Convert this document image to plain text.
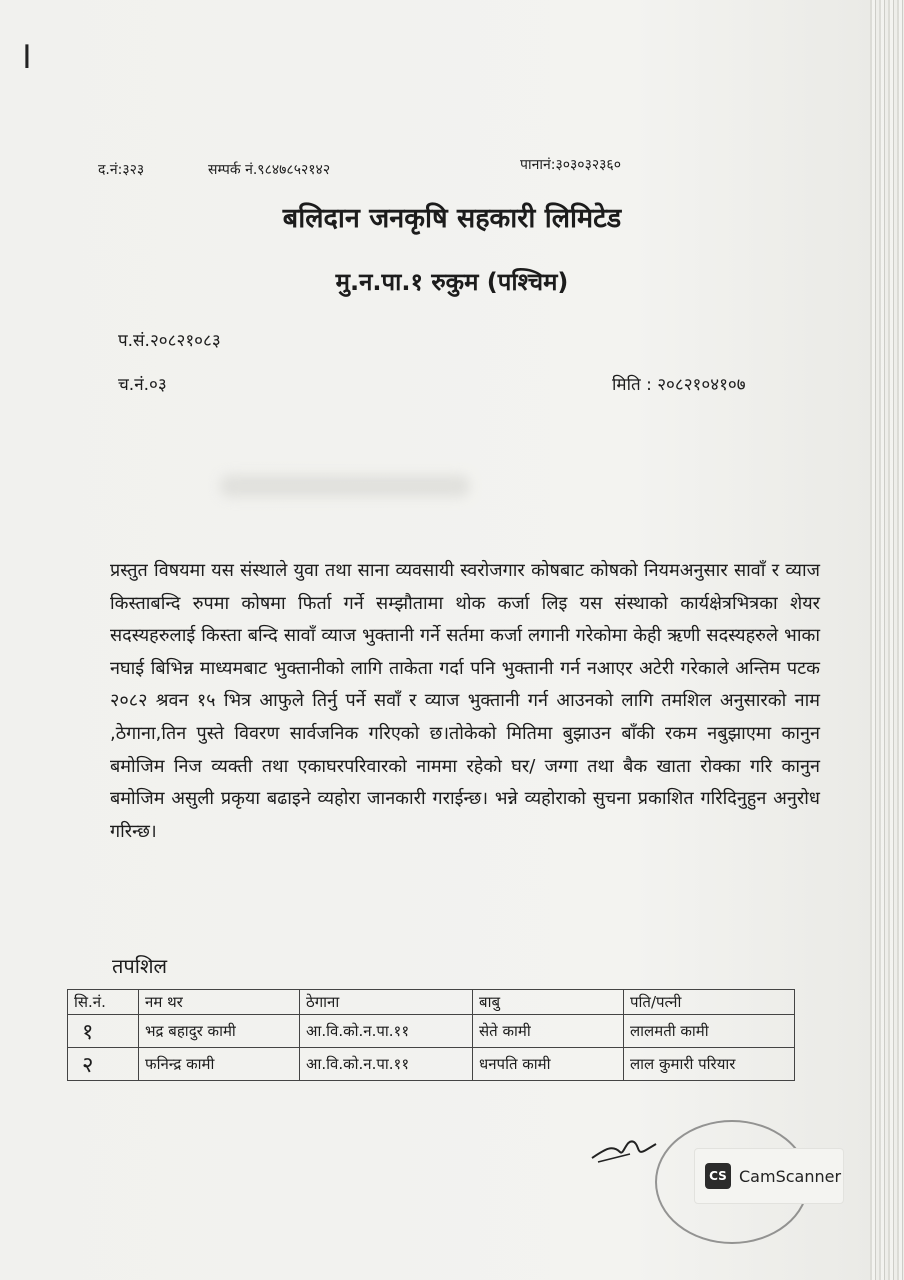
।
द.नं:३२३	सम्पर्क नं.९८४७८५२१४२	पानानं:३०३०३२३६०
बलिदान जनकृषि सहकारी लिमिटेड
मु.न.पा.१ रुकुम (पश्चिम)
प.सं.२०८२१०८३
च.नं.०३	मिति : २०८२१०४१०७

प्रस्तुत विषयमा यस संस्थाले युवा तथा साना व्यवसायी स्वरोजगार कोषबाट कोषको नियमअनुसार सावाँ र व्याज किस्ताबन्दि रुपमा कोषमा फिर्ता गर्ने सम्झौतामा थोक कर्जा लिइ यस संस्थाको कार्यक्षेत्रभित्रका शेयर सदस्यहरुलाई किस्ता बन्दि सावाँ व्याज भुक्तानी गर्ने सर्तमा कर्जा लगानी गरेकोमा केही ऋणी सदस्यहरुले भाका नघाई बिभिन्न माध्यमबाट भुक्तानीको लागि ताकेता गर्दा पनि भुक्तानी गर्न नआएर अटेरी गरेकाले अन्तिम पटक २०८२ श्रवन १५ भित्र आफुले तिर्नु पर्ने सवाँ र व्याज भुक्तानी गर्न आउनको लागि तमशिल अनुसारको नाम ,ठेगाना,तिन पुस्ते विवरण सार्वजनिक गरिएको छ।तोकेको मितिमा बुझाउन बाँकी रकम नबुझाएमा कानुन बमोजिम निज व्यक्ती तथा एकाघरपरिवारको नाममा रहेको घर/ जग्गा तथा बैक खाता रोक्का गरि कानुन बमोजिम असुली प्रकृया बढाइने व्यहोरा जानकारी गराईन्छ। भन्ने व्यहोराको सुचना प्रकाशित गरिदिनुहुन अनुरोध गरिन्छ।

तपशिल
सि.नं.	नम थर	ठेगाना	बाबु	पति/पत्नी
१	भद्र बहादुर कामी	आ.वि.को.न.पा.११	सेते कामी	लालमती कामी
२	फनिन्द्र कामी	आ.वि.को.न.पा.११	धनपति कामी	लाल कुमारी परियार
CS CamScanner
